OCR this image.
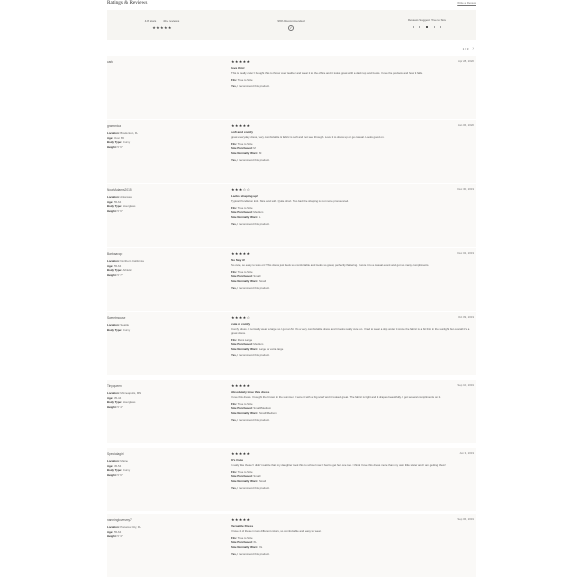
Ratings & Reviews	Write a Review
4.8 stars 40+ reviews
★★★★★
96% Recommended
✓
Reviews Suggest: True to Size
1 / 3 ›
cark	Apr 28, 2020
★★★★★
love this!
This is really cute! I bought this to throw over leather and wear it to the office and it looks great with a dark top and boots. I love the pockets and how it falls.
Fits: True to Size
Yes, I recommend this product.
grammica
Location: Bradenton, FL
Age: Over 65
Body Type: Curvy
Height: 5' 6"
Jan 06, 2020
★★★★★
soft and comfy
great everyday dress, very comfortable & fabric is soft and not see through. Love it to dress up or go casual. Looks good on.
Fits: True to Size
Size Purchased: M
Size Normally Worn: M
Yes, I recommend this product.
NoahAdams2015
Location: Arkansas
Age: 55-64
Body Type: Hourglass
Height: 5' 6"
Dec 30, 2019
★★★☆☆
Lacks shaping up!
Typical Pendleton knit. Nice and soft. Quite short. Too bad the shaping is not more pronounced.
Fits: True to Size
Size Purchased: Medium
Size Normally Worn: L
Yes, I recommend this product.
Barbaavcp
Location: Northern California
Age: 55-64
Body Type: Athletic
Height: 5' 7"
Dec 02, 2019
★★★★★
So Say it!
So cute, so easy to toss on! This dress just feels so comfortable and looks so great, perfectly flattering. I wore it to a casual event and got so many compliments.
Fits: True to Size
Size Purchased: Small
Size Normally Worn: Small
Yes, I recommend this product.
Sweetmouse
Location: Seattle
Body Type: Curvy
Oct 09, 2019
★★★★☆
cute n comfy
Comfy dress. I normally wear a large so I got an M. It's a very comfortable dress and it looks really cute on. I had to wear a slip under it since the fabric is a bit thin in the sunlight but overall it's a great dress.
Fits: Runs Large
Size Purchased: Medium
Size Normally Worn: Large or extra large
Yes, I recommend this product.
Tinyqueen
Location: Minneapolis, MN
Age: 35-44
Body Type: Hourglass
Height: 5' 4"
Sep 10, 2019
★★★★★
Absolutely love this dress
I love this dress. I bought the brown in the summer. I wore it with a big scarf and it looked great. The fabric is light and it drapes beautifully. I got several compliments on it.
Fits: True to Size
Size Purchased: Small/Medium
Size Normally Worn: Small/Medium
Yes, I recommend this product.
Specialagirl
Location: Maine
Age: 45-54
Body Type: Curvy
Height: 5' 6"
Jun 3, 2019
★★★★★
It's Cute
I really like these! I didn't realize that my daughter took this to school now I had to get her one too. I think I love this dress more than my own little sister and I am getting them!
Fits: True to Size
Size Purchased: Small
Size Normally Worn: Small
Yes, I recommend this product.
nanninglovesmy7
Location: Panama City, FL
Age: 55-64
Height: 5' 3"
Sep 06, 2019
★★★★★
Versatile Dress
I have 4 of these in two different colors, so comfortable and easy to wear.
Fits: True to Size
Size Purchased: XL
Size Normally Worn: XL
Yes, I recommend this product.
